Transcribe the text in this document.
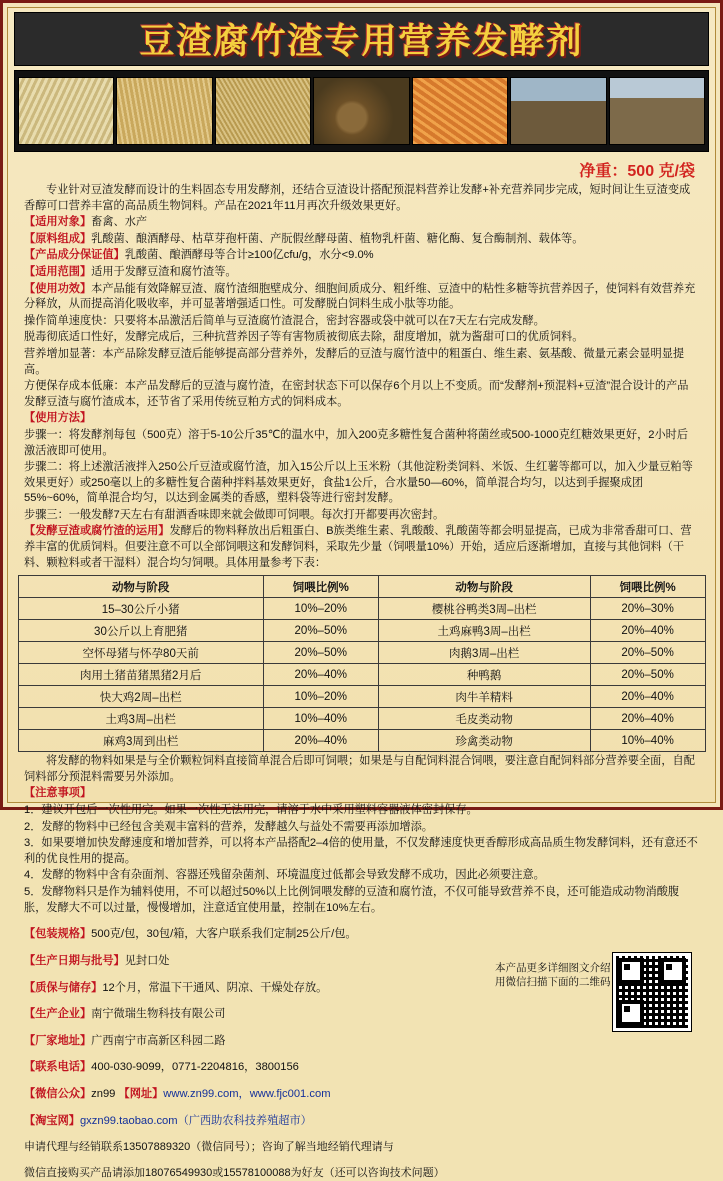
豆渣腐竹渣专用营养发酵剂
净重：500 克/袋

专业针对豆渣发酵而设计的生料固态专用发酵剂，还结合豆渣设计搭配预混料营养让发酵+补充营养同步完成，短时间让生豆渣变成香醇可口营养丰富的高品质生物饲料。产品在2021年11月再次升级效果更好。

【适用对象】畜禽、水产

【原料组成】乳酸菌、酿酒酵母、枯草芽孢杆菌、产朊假丝酵母菌、植物乳杆菌、糖化酶、复合酶制剂、载体等。

【产品成分保证值】乳酸菌、酿酒酵母等合计≥100亿cfu/g，水分<9.0%

【适用范围】适用于发酵豆渣和腐竹渣等。

【使用功效】本产品能有效降解豆渣、腐竹渣细胞壁成分、细胞间质成分、粗纤维、豆渣中的粘性多糖等抗营养因子，使饲料有效营养充分释放，从而提高消化吸收率，并可显著增强适口性。可发酵脱白饲料生成小肽等功能。

操作简单速度快：只要将本品激活后简单与豆渣腐竹渣混合，密封容器或袋中就可以在7天左右完成发酵。

脱毒彻底适口性好，发酵完成后，三种抗营养因子等有害物质被彻底去除，甜度增加，就为酱甜可口的优质饲料。

营养增加显著：本产品除发酵豆渣后能够提高部分营养外，发酵后的豆渣与腐竹渣中的粗蛋白、维生素、氨基酸、微量元素会显明显提高。

方便保存成本低廉：本产品发酵后的豆渣与腐竹渣，在密封状态下可以保存6个月以上不变质。而“发酵剂+预混料+豆渣”混合设计的产品发酵豆渣与腐竹渣成本，还节省了采用传统豆粕方式的饲料成本。

【使用方法】

步骤一：将发酵剂每包（500克）溶于5-10公斤35℃的温水中，加入200克多糖性复合菌种将菌丝或500-1000克红糖效果更好，2小时后激活液即可使用。

步骤二：将上述激活液拌入250公斤豆渣或腐竹渣，加入15公斤以上玉米粉（其他淀粉类饲料、米饭、生红薯等都可以，加入少量豆粕等效果更好）或250毫以上的多糖性复合菌种拌料基效果更好，食盐1公斤，合水量50—60%，简单混合均匀，以达到手握聚成团55%~60%，简单混合均匀，以达到金属类的香感，塑料袋等进行密封发酵。

步骤三：一般发酵7天左右有甜酒香味即来就会做即可饲喂。每次打开都要再次密封。

【发酵豆渣或腐竹渣的运用】发酵后的物料释放出后粗蛋白、B族类维生素、乳酸酸、乳酸菌等都会明显提高，已成为非常香甜可口、营养丰富的优质饲料。但要注意不可以全部饲喂这和发酵饲料，采取先少量（饲喂量10%）开始，适应后逐渐增加，直接与其他饲料（干料、颗粒料或者干湿料）混合均匀饲喂。具体用量参考下表：

动物与阶段	饲喂比例%	动物与阶段	饲喂比例%
15–30公斤小猪	10%–20%	樱桃谷鸭类3周–出栏	20%–30%
30公斤以上育肥猪	20%–50%	土鸡麻鸭3周–出栏	20%–40%
空怀母猪与怀孕80天前	20%–50%	肉鹅3周–出栏	20%–50%
肉用土猪苗猪黑猪2月后	20%–40%	种鸭鹅	20%–50%
快大鸡2周–出栏	10%–20%	肉牛羊精料	20%–40%
土鸡3周–出栏	10%–40%	毛皮类动物	20%–40%
麻鸡3周到出栏	20%–40%	珍禽类动物	10%–40%

将发酵的物料如果是与全价颗粒饲料直接简单混合后即可饲喂；如果是与自配饲料混合饲喂，要注意自配饲料部分营养要全面，自配饲料部分预混料需要另外添加。

【注意事项】

1．建议开包后一次性用完。如果一次性无法用完，请溶于水中采用塑料容器液体密封保存。

2．发酵的物料中已经包含美观丰富料的营养，发酵越久与益处不需要再添加增添。

3．如果要增加快发酵速度和增加营养，可以将本产品搭配2–4倍的使用量，不仅发酵速度快更香醇形成高品质生物发酵饲料，还有意还不利的优良性用的提高。

4．发酵的物料中含有杂面剂、容器还残留杂菌剂、环境温度过低都会导致发酵不成功，因此必须要注意。

5．发酵物料只是作为辅料使用，不可以超过50%以上比例饲喂发酵的豆渣和腐竹渣，不仅可能导致营养不良，还可能造成动物消酸腹胀，发酵大不可以过量，慢慢增加，注意适宜使用量，控制在10%左右。

【包装规格】500克/包，30包/箱，大客户联系我们定制25公斤/包。

【生产日期与批号】见封口处

【质保与储存】12个月，常温下干通风、阴凉、干燥处存放。

【生产企业】南宁微瑞生物科技有限公司

【厂家地址】广西南宁市高新区科园二路

【联系电话】400-030-9099，0771-2204816，3800156

【微信公众】zn99 【网址】www.zn99.com，www.fjc001.com

【淘宝网】gxzn99.taobao.com（广西助农科技养殖超市）

本产品更多详细图文介绍用微信扫描下面的二维码

申请代理与经销联系13507889320（微信同号）；咨询了解当地经销代理请与

微信直接购买产品请添加18076549930或15578100088为好友（还可以咨询技术问题）
